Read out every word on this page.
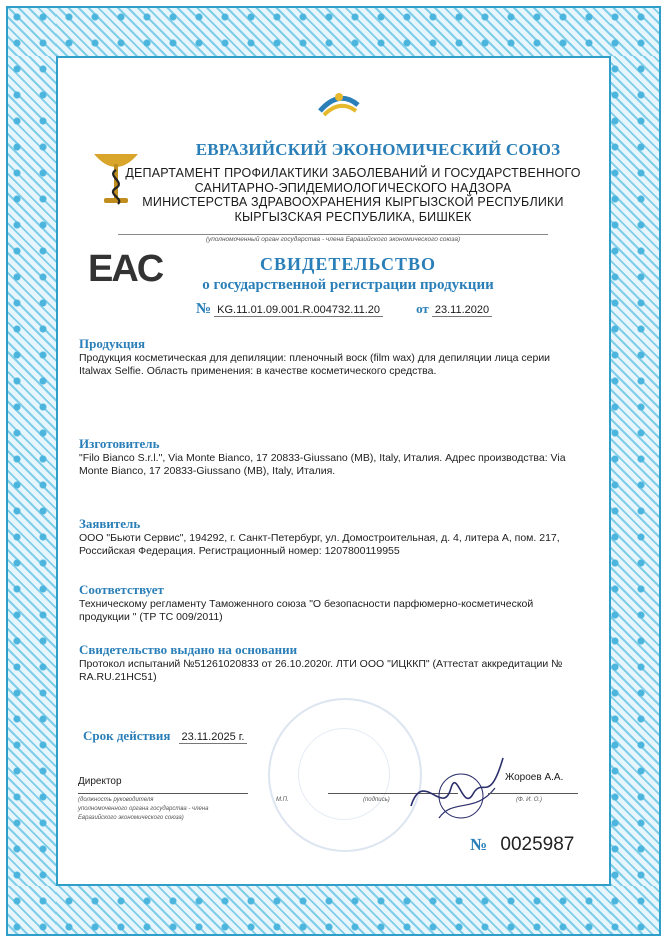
ЕВРАЗИЙСКИЙ ЭКОНОМИЧЕСКИЙ СОЮЗ
ДЕПАРТАМЕНТ ПРОФИЛАКТИКИ ЗАБОЛЕВАНИЙ И ГОСУДАРСТВЕННОГО
САНИТАРНО-ЭПИДЕМИОЛОГИЧЕСКОГО НАДЗОРА
МИНИСТЕРСТВА ЗДРАВООХРАНЕНИЯ КЫРГЫЗСКОЙ РЕСПУБЛИКИ
КЫРГЫЗСКАЯ РЕСПУБЛИКА, БИШКЕК
(уполномоченный орган государства - члена Евразийского экономического союза)
EAC	СВИДЕТЕЛЬСТВО
о государственной регистрации продукции
№ KG.11.01.09.001.R.004732.11.20	от 23.11.2020
Продукция
Продукция косметическая для депиляции: пленочный воск (film wax) для депиляции лица серии Italwax Selfie. Область применения: в качестве косметического средства.
Изготовитель
"Filo Bianco S.r.l.", Via Monte Bianco, 17 20833-Giussano (MB), Italy, Италия. Адрес производства: Via Monte Bianco, 17 20833-Giussano (MB), Italy, Италия.
Заявитель
ООО "Бьюти Сервис", 194292, г. Санкт-Петербург, ул. Домостроительная, д. 4, литера А, пом. 217, Российская Федерация. Регистрационный номер: 1207800119955
Соответствует
Техническому регламенту Таможенного союза "О безопасности парфюмерно-косметической продукции " (ТР ТС 009/2011)
Свидетельство выдано на основании
Протокол испытаний №51261020833 от 26.10.2020г. ЛТИ ООО "ИЦККП" (Аттестат аккредитации № RA.RU.21НС51)
Срок действия 23.11.2025 г.
Директор
(должность руководителя
уполномоченного органа государства - члена
Евразийского экономического союза)
М.П.	(подпись)
Жороев А.А.
(Ф. И. О.)
№ 0025987
